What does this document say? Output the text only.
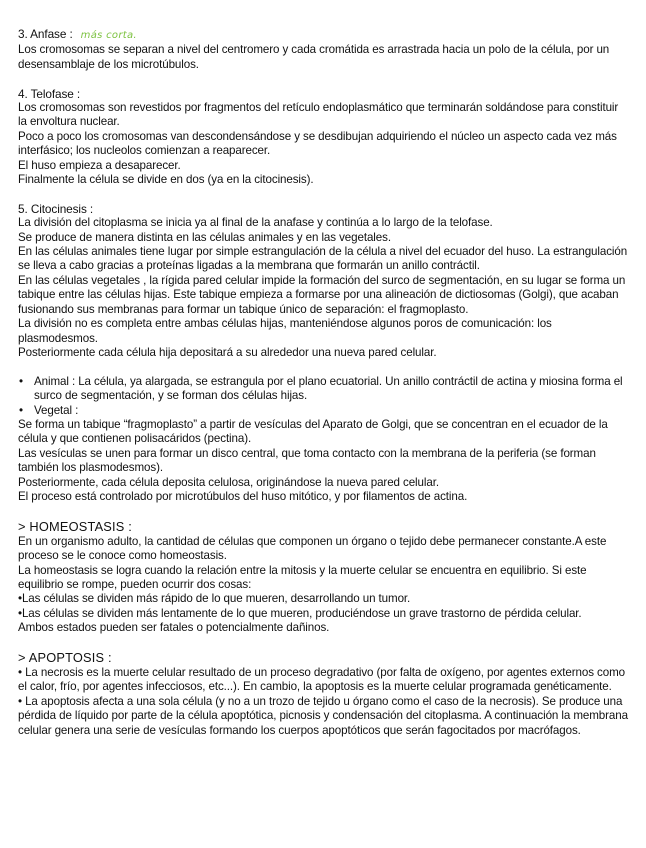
3. Anfase : más corta.

Los cromosomas se separan a nivel del centromero y cada cromátida es arrastrada hacia un polo de la célula, por un desensamblaje de los microtúbulos.

4. Telofase :

Los cromosomas son revestidos por fragmentos del retículo endoplasmático que terminarán soldándose para constituir la envoltura nuclear.

Poco a poco los cromosomas van descondensándose y se desdibujan adquiriendo el núcleo un aspecto cada vez más interfásico; los nucleolos comienzan a reaparecer.

El huso empieza a desaparecer.

Finalmente la célula se divide en dos (ya en la citocinesis).

5. Citocinesis :

La división del citoplasma se inicia ya al final de la anafase y continúa a lo largo de la telofase.

Se produce de manera distinta en las células animales y en las vegetales.

En las células animales tiene lugar por simple estrangulación de la célula a nivel del ecuador del huso. La estrangulación se lleva a cabo gracias a proteínas ligadas a la membrana que formarán un anillo contráctil.

En las células vegetales , la rígida pared celular impide la formación del surco de segmentación, en su lugar se forma un tabique entre las células hijas. Este tabique empieza a formarse por una alineación de dictiosomas (Golgi), que acaban fusionando sus membranas para formar un tabique único de separación: el fragmoplasto.

La división no es completa entre ambas células hijas, manteniéndose algunos poros de comunicación: los plasmodesmos.

Posteriormente cada célula hija depositará a su alrededor una nueva pared celular.

• Animal : La célula, ya alargada, se estrangula por el plano ecuatorial. Un anillo contráctil de actina y miosina forma el surco de segmentación, y se forman dos células hijas.

• Vegetal :

Se forma un tabique “fragmoplasto” a partir de vesículas del Aparato de Golgi, que se concentran en el ecuador de la célula y que contienen polisacáridos (pectina).

Las vesículas se unen para formar un disco central, que toma contacto con la membrana de la periferia (se forman también los plasmodesmos).

Posteriormente, cada célula deposita celulosa, originándose la nueva pared celular.

El proceso está controlado por microtúbulos del huso mitótico, y por filamentos de actina.

> HOMEOSTASIS :

En un organismo adulto, la cantidad de células que componen un órgano o tejido debe permanecer constante.A este proceso se le conoce como homeostasis.

La homeostasis se logra cuando la relación entre la mitosis y la muerte celular se encuentra en equilibrio. Si este equilibrio se rompe, pueden ocurrir dos cosas:

•Las células se dividen más rápido de lo que mueren, desarrollando un tumor.

•Las células se dividen más lentamente de lo que mueren, produciéndose un grave trastorno de pérdida celular.

Ambos estados pueden ser fatales o potencialmente dañinos.

> APOPTOSIS :

• La necrosis es la muerte celular resultado de un proceso degradativo (por falta de oxígeno, por agentes externos como el calor, frío, por agentes infecciosos, etc...). En cambio, la apoptosis es la muerte celular programada genéticamente.

• La apoptosis afecta a una sola célula (y no a un trozo de tejido u órgano como el caso de la necrosis). Se produce una pérdida de líquido por parte de la célula apoptótica, picnosis y condensación del citoplasma. A continuación la membrana celular genera una serie de vesículas formando los cuerpos apoptóticos que serán fagocitados por macrófagos.
